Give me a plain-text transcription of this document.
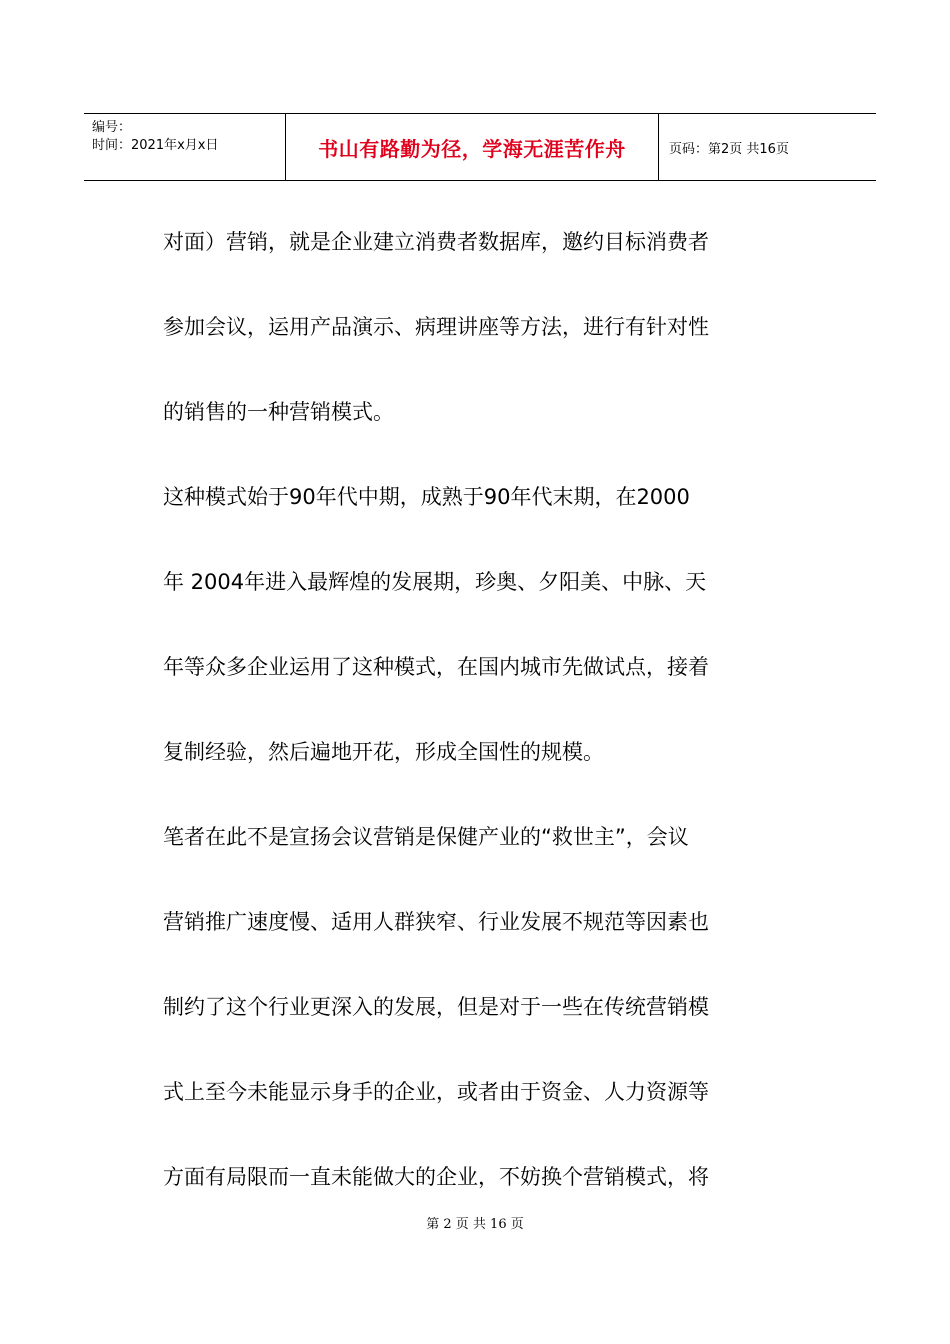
编号：
时间：2021年x月x日	书山有路勤为径，学海无涯苦作舟	页码：第2页 共16页
对面）营销，就是企业建立消费者数据库，邀约目标消费者
参加会议，运用产品演示、病理讲座等方法，进行有针对性
的销售的一种营销模式。
这种模式始于90年代中期，成熟于90年代末期，在2000
年 2004年进入最辉煌的发展期，珍奥、夕阳美、中脉、天
年等众多企业运用了这种模式，在国内城市先做试点，接着
复制经验，然后遍地开花，形成全国性的规模。
笔者在此不是宣扬会议营销是保健产业的“救世主”，会议
营销推广速度慢、适用人群狭窄、行业发展不规范等因素也
制约了这个行业更深入的发展，但是对于一些在传统营销模
式上至今未能显示身手的企业，或者由于资金、人力资源等
方面有局限而一直未能做大的企业，不妨换个营销模式，将
第 2 页 共 16 页
